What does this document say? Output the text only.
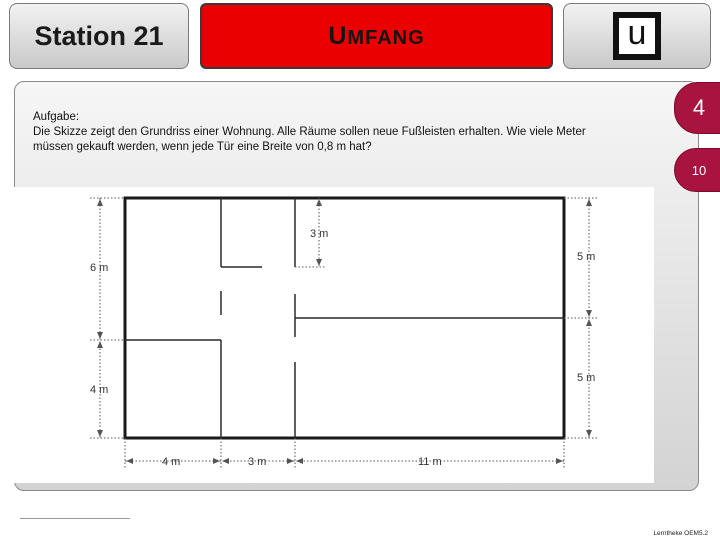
Station 21	UMFANG	u
Aufgabe:
Die Skizze zeigt den Grundriss einer Wohnung. Alle Räume sollen neue Fußleisten erhalten. Wie viele Meter müssen gekauft werden, wenn jede Tür eine Breite von 0,8 m hat?
4
10
6 m
4 m
3 m
5 m
5 m
4 m	3 m	11 m
Lernthekе OEM5.2
